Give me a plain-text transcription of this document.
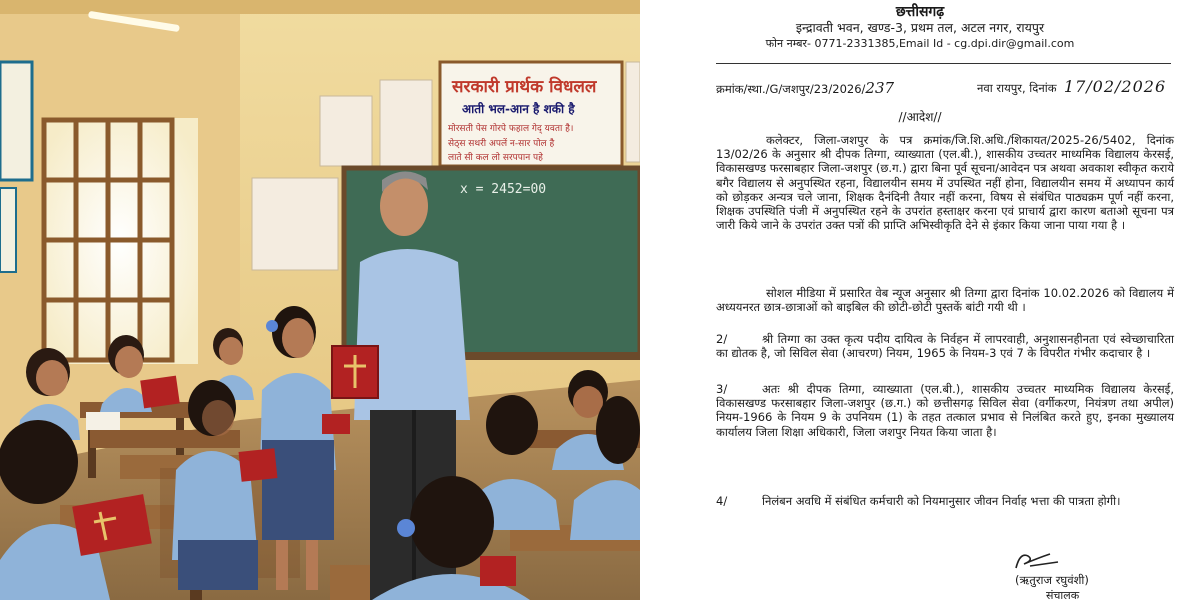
सरकारी प्रार्थक विधलल
आती भल-आन है शकी है
मोरसती पेस गोरपे फहाल गेद् यवता है।
सेठ्स सथरी अपलें न-सार पोल है
लाते सी कल लो सरपपान पहे
x = 2452=00
छत्तीसगढ़
इन्द्रावती भवन, खण्ड-3, प्रथम तल, अटल नगर, रायपुर
फोन नम्बर- 0771-2331385,Email Id - cg.dpi.dir@gmail.com
क्रमांक/स्था./G/जशपुर/23/2026/237	नवा रायपुर, दिनांक 17/02/2026
//आदेश//
कलेक्टर, जिला-जशपुर के पत्र क्रमांक/जि.शि.अधि./शिकायत/2025-26/5402, दिनांक 13/02/26 के अनुसार श्री दीपक तिग्गा, व्याख्याता (एल.बी.), शासकीय उच्चतर माध्यमिक विद्यालय केरसई, विकासखण्ड फरसाबहार जिला-जशपुर (छ.ग.) द्वारा बिना पूर्व सूचना/आवेदन पत्र अथवा अवकाश स्वीकृत कराये बगैर विद्यालय से अनुपस्थित रहना, विद्यालयीन समय में उपस्थित नहीं होना, विद्यालयीन समय में अध्यापन कार्य को छोड़कर अन्यत्र चले जाना, शिक्षक दैनंदिनी तैयार नहीं करना, विषय से संबंधित पाठ्यक्रम पूर्ण नहीं करना, शिक्षक उपस्थिति पंजी में अनुपस्थित रहने के उपरांत हस्ताक्षर करना एवं प्राचार्य द्वारा कारण बताओ सूचना पत्र जारी किये जाने के उपरांत उक्त पत्रों की प्राप्ति अभिस्वीकृति देने से इंकार किया जाना पाया गया है ।
सोशल मीडिया में प्रसारित वेब न्यूज अनुसार श्री तिग्गा द्वारा दिनांक 10.02.2026 को विद्यालय में अध्ययनरत छात्र-छात्राओं को बाइबिल की छोटी-छोटी पुस्तकें बांटी गयी थी ।
2/	श्री तिग्गा का उक्त कृत्य पदीय दायित्व के निर्वहन में लापरवाही, अनुशासनहीनता एवं स्वेच्छाचारिता का द्योतक है, जो सिविल सेवा (आचरण) नियम, 1965 के नियम-3 एवं 7 के विपरीत गंभीर कदाचार है ।
3/	अतः श्री दीपक तिग्गा, व्याख्याता (एल.बी.), शासकीय उच्चतर माध्यमिक विद्यालय केरसई, विकासखण्ड फरसाबहार जिला-जशपुर (छ.ग.) को छत्तीसगढ़ सिविल सेवा (वर्गीकरण, नियंत्रण तथा अपील) नियम-1966 के नियम 9 के उपनियम (1) के तहत तत्काल प्रभाव से निलंबित करते हुए, इनका मुख्यालय कार्यालय जिला शिक्षा अधिकारी, जिला जशपुर नियत किया जाता है।
4/	निलंबन अवधि में संबंधित कर्मचारी को नियमानुसार जीवन निर्वाह भत्ता की पात्रता होगी।
(ऋतुराज रघुवंशी)
संचालक
